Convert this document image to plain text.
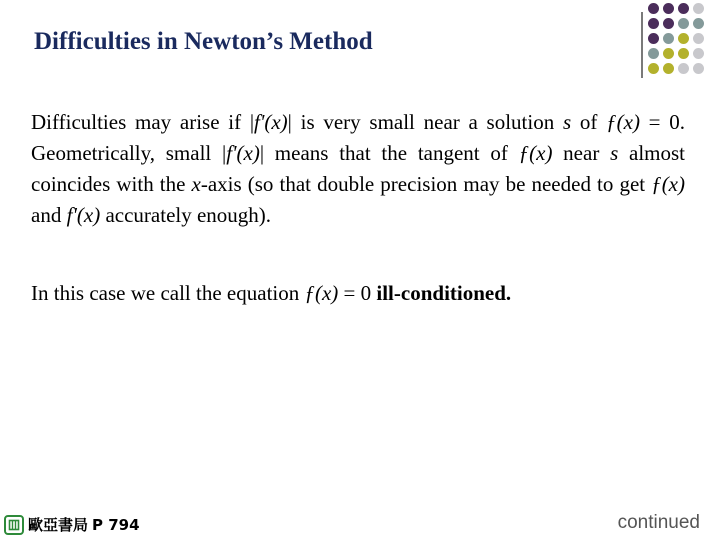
Difficulties in Newton’s Method
Difficulties may arise if |f'(x)| is very small near a solution s of ƒ(x) = 0. Geometrically, small |f'(x)| means that the tangent of ƒ(x) near s almost coincides with the x-axis (so that double precision may be needed to get ƒ(x) and f'(x) accurately enough).
In this case we call the equation ƒ(x) = 0 ill-conditioned.
歐亞書局 P 794	continued
